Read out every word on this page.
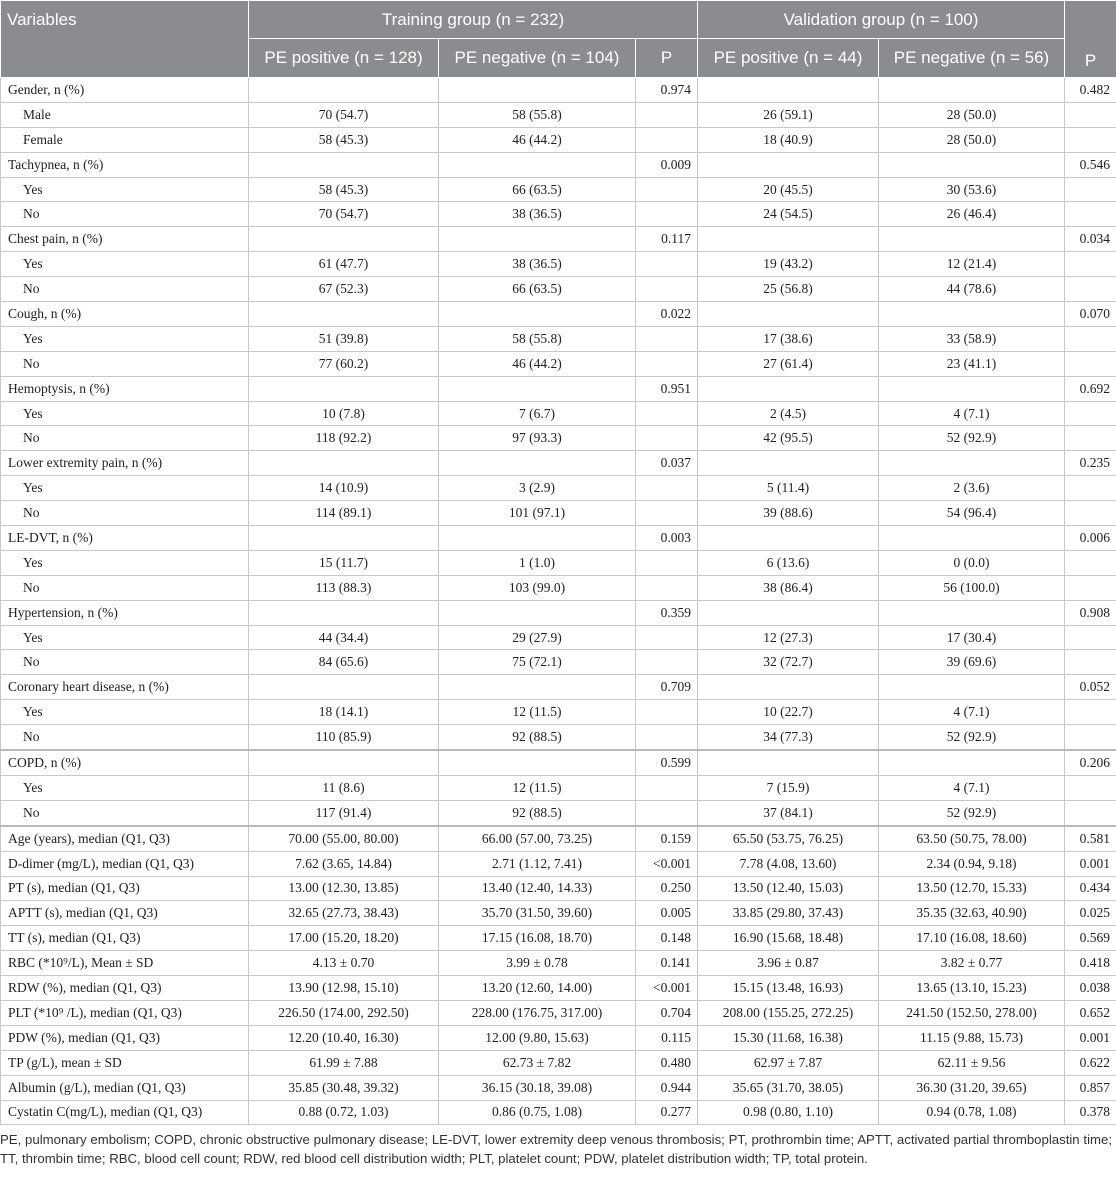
Variables	Training group (n = 232)			Validation group (n = 100)		P
	PE positive (n = 128)	PE negative (n = 104)	P	PE positive (n = 44)	PE negative (n = 56)	
Gender, n (%)			0.974			0.482
Male	70 (54.7)	58 (55.8)		26 (59.1)	28 (50.0)	
Female	58 (45.3)	46 (44.2)		18 (40.9)	28 (50.0)	
Tachypnea, n (%)			0.009			0.546
Yes	58 (45.3)	66 (63.5)		20 (45.5)	30 (53.6)	
No	70 (54.7)	38 (36.5)		24 (54.5)	26 (46.4)	
Chest pain, n (%)			0.117			0.034
Yes	61 (47.7)	38 (36.5)		19 (43.2)	12 (21.4)	
No	67 (52.3)	66 (63.5)		25 (56.8)	44 (78.6)	
Cough, n (%)			0.022			0.070
Yes	51 (39.8)	58 (55.8)		17 (38.6)	33 (58.9)	
No	77 (60.2)	46 (44.2)		27 (61.4)	23 (41.1)	
Hemoptysis, n (%)			0.951			0.692
Yes	10 (7.8)	7 (6.7)		2 (4.5)	4 (7.1)	
No	118 (92.2)	97 (93.3)		42 (95.5)	52 (92.9)	
Lower extremity pain, n (%)			0.037			0.235
Yes	14 (10.9)	3 (2.9)		5 (11.4)	2 (3.6)	
No	114 (89.1)	101 (97.1)		39 (88.6)	54 (96.4)	
LE-DVT, n (%)			0.003			0.006
Yes	15 (11.7)	1 (1.0)		6 (13.6)	0 (0.0)	
No	113 (88.3)	103 (99.0)		38 (86.4)	56 (100.0)	
Hypertension, n (%)			0.359			0.908
Yes	44 (34.4)	29 (27.9)		12 (27.3)	17 (30.4)	
No	84 (65.6)	75 (72.1)		32 (72.7)	39 (69.6)	
Coronary heart disease, n (%)			0.709			0.052
Yes	18 (14.1)	12 (11.5)		10 (22.7)	4 (7.1)	
No	110 (85.9)	92 (88.5)		34 (77.3)	52 (92.9)	
COPD, n (%)			0.599			0.206
Yes	11 (8.6)	12 (11.5)		7 (15.9)	4 (7.1)	
No	117 (91.4)	92 (88.5)		37 (84.1)	52 (92.9)	
Age (years), median (Q1, Q3)	70.00 (55.00, 80.00)	66.00 (57.00, 73.25)	0.159	65.50 (53.75, 76.25)	63.50 (50.75, 78.00)	0.581
D-dimer (mg/L), median (Q1, Q3)	7.62 (3.65, 14.84)	2.71 (1.12, 7.41)	<0.001	7.78 (4.08, 13.60)	2.34 (0.94, 9.18)	0.001
PT (s), median (Q1, Q3)	13.00 (12.30, 13.85)	13.40 (12.40, 14.33)	0.250	13.50 (12.40, 15.03)	13.50 (12.70, 15.33)	0.434
APTT (s), median (Q1, Q3)	32.65 (27.73, 38.43)	35.70 (31.50, 39.60)	0.005	33.85 (29.80, 37.43)	35.35 (32.63, 40.90)	0.025
TT (s), median (Q1, Q3)	17.00 (15.20, 18.20)	17.15 (16.08, 18.70)	0.148	16.90 (15.68, 18.48)	17.10 (16.08, 18.60)	0.569
RBC (*10⁹/L), Mean ± SD	4.13 ± 0.70	3.99 ± 0.78	0.141	3.96 ± 0.87	3.82 ± 0.77	0.418
RDW (%), median (Q1, Q3)	13.90 (12.98, 15.10)	13.20 (12.60, 14.00)	<0.001	15.15 (13.48, 16.93)	13.65 (13.10, 15.23)	0.038
PLT (*10⁹ /L), median (Q1, Q3)	226.50 (174.00, 292.50)	228.00 (176.75, 317.00)	0.704	208.00 (155.25, 272.25)	241.50 (152.50, 278.00)	0.652
PDW (%), median (Q1, Q3)	12.20 (10.40, 16.30)	12.00 (9.80, 15.63)	0.115	15.30 (11.68, 16.38)	11.15 (9.88, 15.73)	0.001
TP (g/L), mean ± SD	61.99 ± 7.88	62.73 ± 7.82	0.480	62.97 ± 7.87	62.11 ± 9.56	0.622
Albumin (g/L), median (Q1, Q3)	35.85 (30.48, 39.32)	36.15 (30.18, 39.08)	0.944	35.65 (31.70, 38.05)	36.30 (31.20, 39.65)	0.857
Cystatin C(mg/L), median (Q1, Q3)	0.88 (0.72, 1.03)	0.86 (0.75, 1.08)	0.277	0.98 (0.80, 1.10)	0.94 (0.78, 1.08)	0.378
PE, pulmonary embolism; COPD, chronic obstructive pulmonary disease; LE-DVT, lower extremity deep venous thrombosis; PT, prothrombin time; APTT, activated partial thromboplastin time; TT, thrombin time; RBC, blood cell count; RDW, red blood cell distribution width; PLT, platelet count; PDW, platelet distribution width; TP, total protein.
